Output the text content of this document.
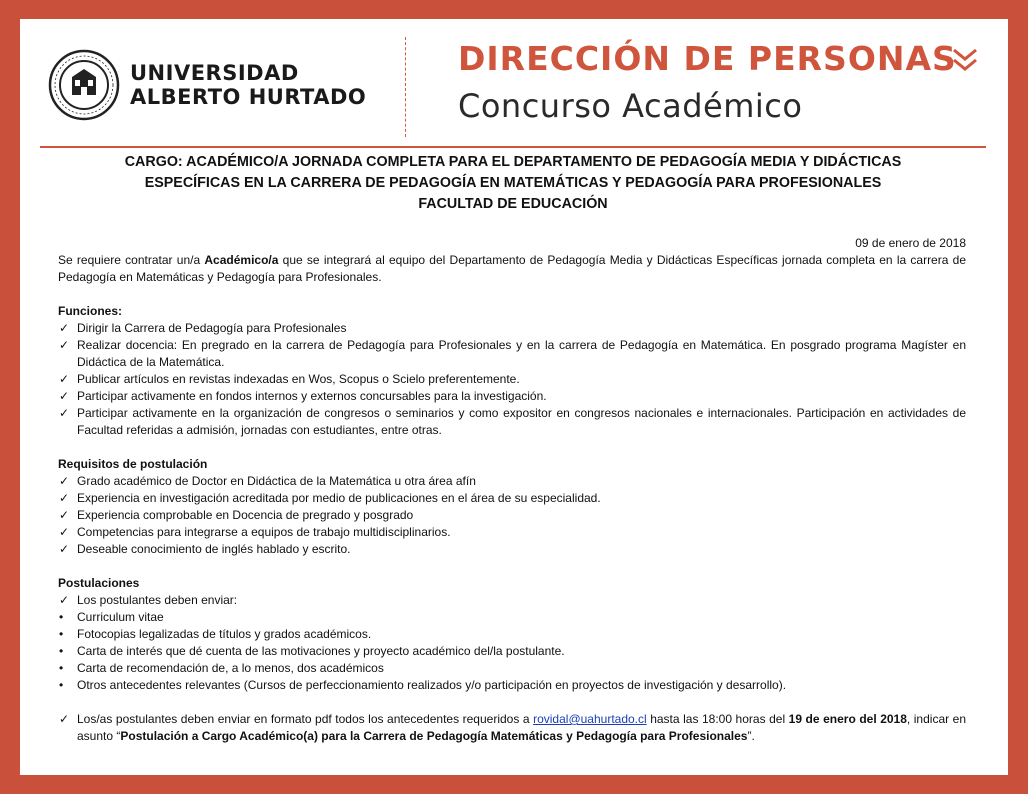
UNIVERSIDAD
ALBERTO HURTADO
DIRECCIÓN DE PERSONAS
Concurso Académico
CARGO: ACADÉMICO/A JORNADA COMPLETA PARA EL DEPARTAMENTO DE PEDAGOGÍA MEDIA Y DIDÁCTICAS
ESPECÍFICAS EN LA CARRERA DE PEDAGOGÍA EN MATEMÁTICAS Y PEDAGOGÍA PARA PROFESIONALES
FACULTAD DE EDUCACIÓN
09 de enero de 2018
Se requiere contratar un/a Académico/a que se integrará al equipo del Departamento de Pedagogía Media y Didácticas Específicas jornada completa en la carrera de Pedagogía en Matemáticas y Pedagogía para Profesionales.
Funciones:
✓ Dirigir la Carrera de Pedagogía para Profesionales
✓ Realizar docencia: En pregrado en la carrera de Pedagogía para Profesionales y en la carrera de Pedagogía en Matemática. En posgrado programa Magíster en Didáctica de la Matemática.
✓ Publicar artículos en revistas indexadas en Wos, Scopus o Scielo preferentemente.
✓ Participar activamente en fondos internos y externos concursables para la investigación.
✓ Participar activamente en la organización de congresos o seminarios y como expositor en congresos nacionales e internacionales. Participación en actividades de Facultad referidas a admisión, jornadas con estudiantes, entre otras.
Requisitos de postulación
✓ Grado académico de Doctor en Didáctica de la Matemática u otra área afín
✓ Experiencia en investigación acreditada por medio de publicaciones en el área de su especialidad.
✓ Experiencia comprobable en Docencia de pregrado y posgrado
✓ Competencias para integrarse a equipos de trabajo multidisciplinarios.
✓ Deseable conocimiento de inglés hablado y escrito.
Postulaciones
✓ Los postulantes deben enviar:
•	Curriculum vitae
•	Fotocopias legalizadas de títulos y grados académicos.
•	Carta de interés que dé cuenta de las motivaciones y proyecto académico del/la postulante.
•	Carta de recomendación de, a lo menos, dos académicos
•	Otros antecedentes relevantes (Cursos de perfeccionamiento realizados y/o participación en proyectos de investigación y desarrollo).
✓ Los/as postulantes deben enviar en formato pdf todos los antecedentes requeridos a rovidal@uahurtado.cl hasta las 18:00 horas del 19 de enero del 2018, indicar en asunto “Postulación a Cargo Académico(a) para la Carrera de Pedagogía Matemáticas y Pedagogía para Profesionales”.
